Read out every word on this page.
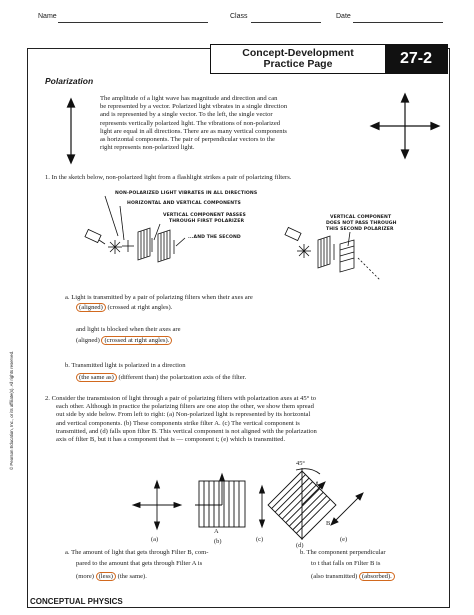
Name	Class	Date
Concept-Development
Practice Page	27-2
Polarization
The amplitude of a light wave has magnitude and direction and can
be represented by a vector. Polarized light vibrates in a single direction
and is represented by a single vector. To the left, the single vector
represents vertically polarized light. The vibrations of non-polarized
light are equal in all directions. There are as many vertical components
as horizontal components. The pair of perpendicular vectors to the
right represents non-polarized light.
1. In the sketch below, non-polarized light from a flashlight strikes a pair of polarizing filters.
NON-POLARIZED LIGHT VIBRATES IN ALL DIRECTIONS
HORIZONTAL AND VERTICAL COMPONENTS
VERTICAL COMPONENT PASSES
THROUGH FIRST POLARIZER
...AND THE SECOND
VERTICAL COMPONENT
DOES NOT PASS THROUGH
THIS SECOND POLARIZER
a. Light is transmitted by a pair of polarizing filters when their axes are
(aligned) (crossed at right angles).
and light is blocked when their axes are
(aligned) (crossed at right angles).
b. Transmitted light is polarized in a direction
(the same as) (different than) the polarization axis of the filter.
2. Consider the transmission of light through a pair of polarizing filters with polarization axes at 45° to
each other. Although in practice the polarizing filters are one atop the other, we show them spread
out side by side below. From left to right: (a) Non-polarized light is represented by its horizontal
and vertical components. (b) These components strike filter A. (c) The vertical component is
transmitted, and (d) falls upon filter B. This vertical component is not aligned with the polarization
axis of filter B, but it has a component that is — component t; (e) which is transmitted.
45°
A
B
t
(a)	(b)	(c)
(d)
(e)
a. The amount of light that gets through Filter B, com-
pared to the amount that gets through Filter A is
(more) (less) (the same).
b. The component perpendicular
to t that falls on Filter B is
(also transmitted) (absorbed).
CONCEPTUAL PHYSICS
© Pearson Education, Inc., or its affiliate(s). All rights reserved.
